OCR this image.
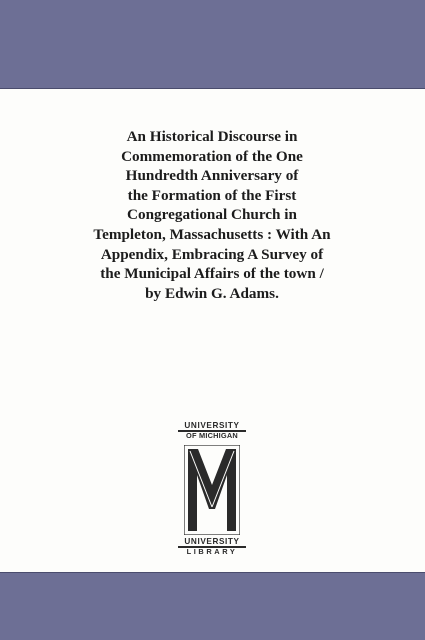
An Historical Discourse in
Commemoration of the One
Hundredth Anniversary of
the Formation of the First
Congregational Church in
Templeton, Massachusetts : With An
Appendix, Embracing A Survey of
the Municipal Affairs of the town /
by Edwin G. Adams.
UNIVERSITY
OF MICHIGAN
UNIVERSITY
LIBRARY
